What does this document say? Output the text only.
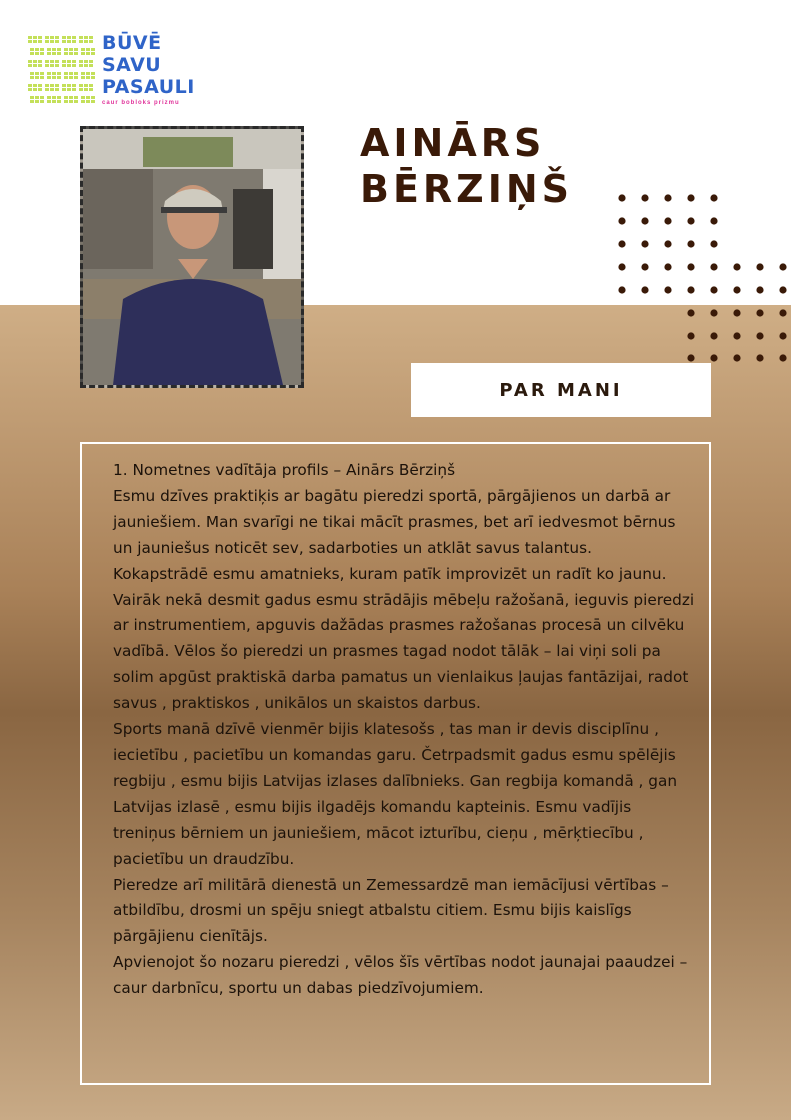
BŪVĒ
SAVU
PASAULI
caur bobloks prizmu
AINĀRS
BĒRZIŅŠ
PAR MANI

1. Nometnes vadītāja profils – Ainārs Bērziņš

Esmu dzīves praktiķis ar bagātu pieredzi sportā, pārgājienos un darbā ar jauniešiem. Man svarīgi ne tikai mācīt prasmes, bet arī iedvesmot bērnus un jauniešus noticēt sev, sadarboties un atklāt savus talantus.

Kokapstrādē esmu amatnieks, kuram patīk improvizēt un radīt ko jaunu. Vairāk nekā desmit gadus esmu strādājis mēbeļu ražošanā, ieguvis pieredzi ar instrumentiem, apguvis dažādas prasmes ražošanas procesā un cilvēku vadībā. Vēlos šo pieredzi un prasmes tagad nodot tālāk – lai viņi soli pa solim apgūst praktiskā darba pamatus un vienlaikus ļaujas fantāzijai, radot savus , praktiskos , unikālos un skaistos darbus.

Sports manā dzīvē vienmēr bijis klatesošs , tas man ir devis disciplīnu , iecietību , pacietību un komandas garu. Četrpadsmit gadus esmu spēlējis regbiju , esmu bijis Latvijas izlases dalībnieks. Gan regbija komandā , gan Latvijas izlasē , esmu bijis ilgadējs komandu kapteinis. Esmu vadījis treniņus bērniem un jauniešiem, mācot izturību, cieņu , mērķtiecību , pacietību un draudzību.

Pieredze arī militārā dienestā un Zemessardzē man iemācījusi vērtības – atbildību, drosmi un spēju sniegt atbalstu citiem. Esmu bijis kaislīgs pārgājienu cienītājs.

Apvienojot šo nozaru pieredzi , vēlos šīs vērtības nodot jaunajai paaudzei – caur darbnīcu, sportu un dabas piedzīvojumiem.
